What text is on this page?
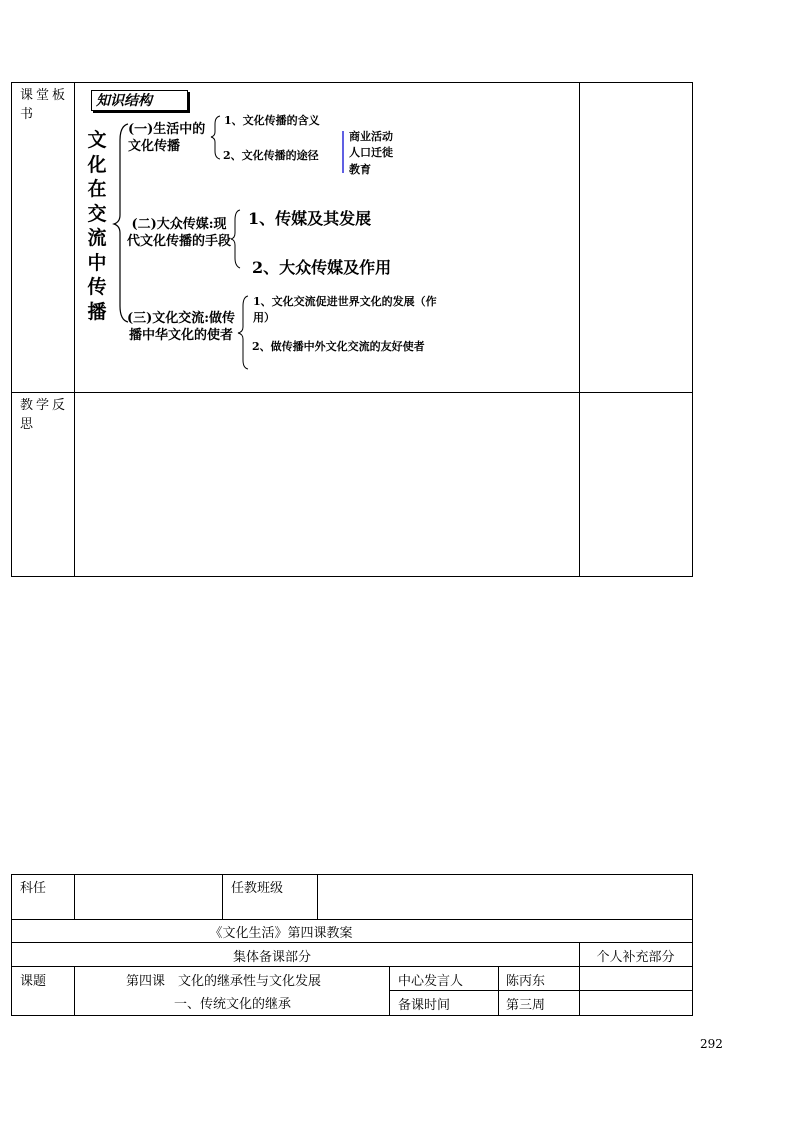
课堂板书
教学反思
知识结构
文化在交流中传播
(一)生活中的文化传播
1、文化传播的含义
2、文化传播的途径
商业活动
人口迁徙
教育
(二)大众传媒:现代文化传播的手段
1、传媒及其发展
2、大众传媒及作用
(三)文化交流:做传播中华文化的使者
1、文化交流促进世界文化的发展（作用）
2、做传播中外文化交流的友好使者
科任	任教班级
《文化生活》第四课教案
集体备课部分	个人补充部分
课题	第四课　文化的继承性与文化发展
一、传统文化的继承
中心发言人	陈丙东
备课时间	第三周
292
